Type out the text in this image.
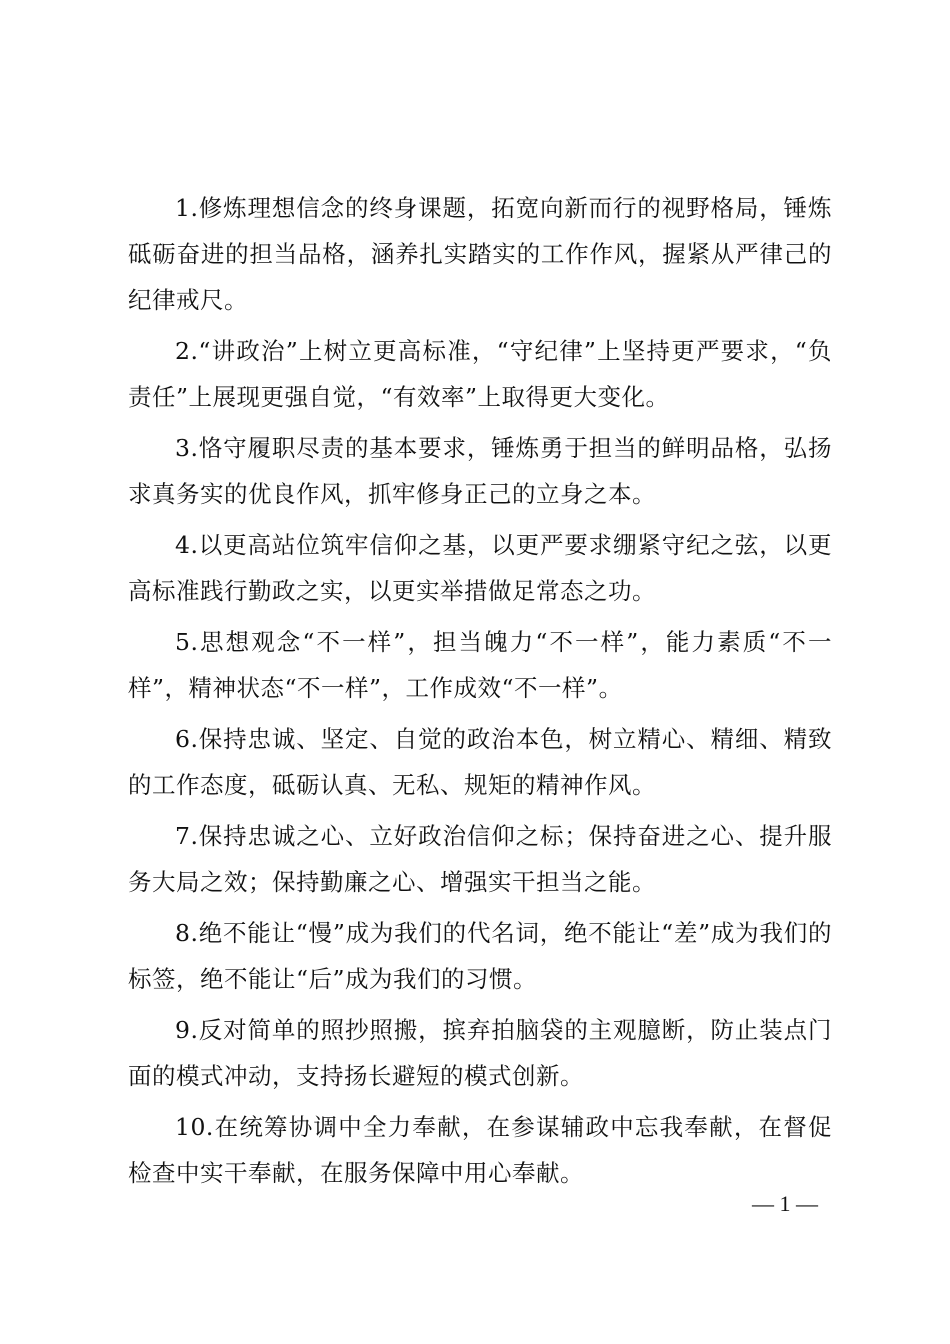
1.修炼理想信念的终身课题，拓宽向新而行的视野格局，锤炼砥砺奋进的担当品格，涵养扎实踏实的工作作风，握紧从严律己的纪律戒尺。

2.“讲政治”上树立更高标准，“守纪律”上坚持更严要求，“负责任”上展现更强自觉，“有效率”上取得更大变化。

3.恪守履职尽责的基本要求，锤炼勇于担当的鲜明品格，弘扬求真务实的优良作风，抓牢修身正己的立身之本。

4.以更高站位筑牢信仰之基，以更严要求绷紧守纪之弦，以更高标准践行勤政之实，以更实举措做足常态之功。

5.思想观念“不一样”，担当魄力“不一样”，能力素质“不一样”，精神状态“不一样”，工作成效“不一样”。

6.保持忠诚、坚定、自觉的政治本色，树立精心、精细、精致的工作态度，砥砺认真、无私、规矩的精神作风。

7.保持忠诚之心、立好政治信仰之标；保持奋进之心、提升服务大局之效；保持勤廉之心、增强实干担当之能。

8.绝不能让“慢”成为我们的代名词，绝不能让“差”成为我们的标签，绝不能让“后”成为我们的习惯。

9.反对简单的照抄照搬，摈弃拍脑袋的主观臆断，防止装点门面的模式冲动，支持扬长避短的模式创新。

10.在统筹协调中全力奉献，在参谋辅政中忘我奉献，在督促检查中实干奉献，在服务保障中用心奉献。

— 1 —
